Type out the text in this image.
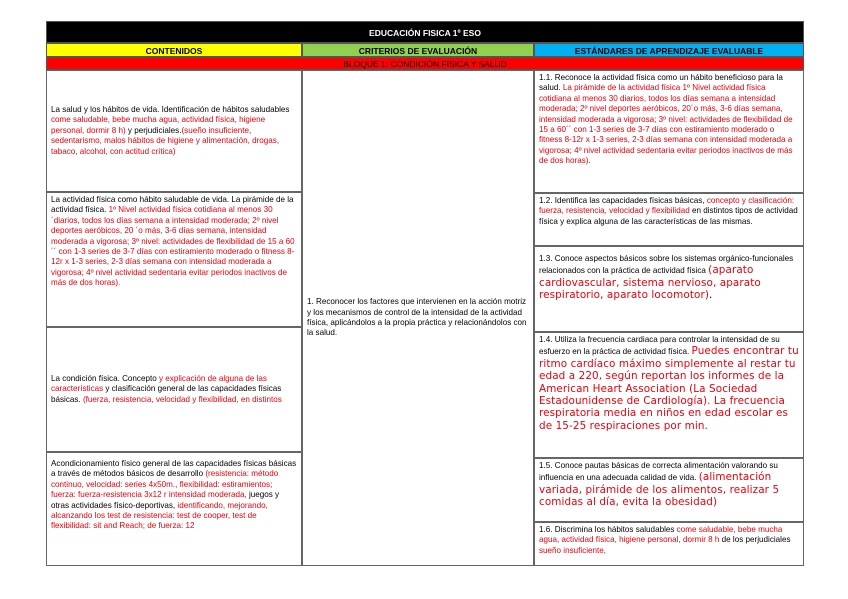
EDUCACIÓN FISICA 1º ESO
CONTENIDOS	CRITERIOS DE EVALUACIÓN	ESTÁNDARES DE APRENDIZAJE EVALUABLE
BLOQUE 1: CONDICIÓN FISICA Y SALUD
La salud y los hábitos de vida. Identificación de hábitos saludables come saludable, bebe mucha agua, actividad física, higiene personal, dormir 8 h) y perjudiciales.(sueño insuficiente, sedentarismo, malos hábitos de higiene y alimentación, drogas, tabaco, alcohol, con actitud crítica)
La actividad física como hábito saludable de vida. La pirámide de la actividad física. 1º Nivel actividad física cotidiana al menos 30´diarios, todos los días semana a intensidad moderada; 2º nivel deportes aeróbicos, 20 ´o más, 3-6 días semana, intensidad moderada a vigorosa; 3º nivel: actividades de flexibilidad de 15 a 60´´ con 1-3 series de 3-7 días con estiramiento moderado o fitness 8-12r x 1-3 series, 2-3 días semana con intensidad moderada a vigorosa; 4º nivel actividad sedentaria evitar periodos inactivos de más de dos horas).
La condición física. Concepto y explicación de alguna de las características y clasificación general de las capacidades físicas básicas. (fuerza, resistencia, velocidad y flexibilidad, en distintos
Acondicionamiento físico general de las capacidades físicas básicas a través de métodos básicos de desarrollo (resistencia: método continuo, velocidad: series 4x50m., flexibilidad: estiramientos; fuerza: fuerza-resistencia 3x12 r intensidad moderada, juegos y otras actividades físico-deportivas, identificando, mejorando, alcanzando los test de resistencia: test de cooper, test de flexibilidad: sit and Reach; de fuerza: 12
1. Reconocer los factores que intervienen en la acción motriz y los mecanismos de control de la intensidad de la actividad física, aplicándolos a la propia práctica y relacionándolos con la salud.
1.1. Reconoce la actividad física como un hábito beneficioso para la salud. La pirámide de la actividad física 1º Nivel actividad física cotidiana al menos 30 diarios, todos los días semana a intensidad moderada; 2º nivel deportes aeróbicos, 20´o más, 3-6 días semana, intensidad moderada a vigorosa; 3º nivel: actividades de flexibilidad de 15 a 60´´ con 1-3 series de 3-7 días con estiramiento moderado o fitness 8-12r x 1-3 series, 2-3 días semana con intensidad moderada a vigorosa; 4º nivel actividad sedentaria evitar periodos inactivos de más de dos horas).
1.2. Identifica las capacidades físicas básicas, concepto y clasificación: fuerza, resistencia, velocidad y flexibilidad en distintos tipos de actividad física y explica alguna de las características de las mismas.
1.3. Conoce aspectos básicos sobre los sistemas orgánico-funcionales relacionados con la práctica de actividad física (aparato cardiovascular, sistema nervioso, aparato respiratorio, aparato locomotor).
1.4. Utiliza la frecuencia cardiaca para controlar la intensidad de su esfuerzo en la práctica de actividad física. Puedes encontrar tu ritmo cardíaco máximo simplemente al restar tu edad a 220, según reportan los informes de la American Heart Association (La Sociedad Estadounidense de Cardiología). La frecuencia respiratoria media en niños en edad escolar es de 15-25 respiraciones por min.
1.5. Conoce pautas básicas de correcta alimentación valorando su influencia en una adecuada calidad de vida. (alimentación variada, pirámide de los alimentos, realizar 5 comidas al día, evita la obesidad)
1.6. Discrimina los hábitos saludables come saludable, bebe mucha agua, actividad física, higiene personal, dormir 8 h de los perjudiciales sueño insuficiente,
